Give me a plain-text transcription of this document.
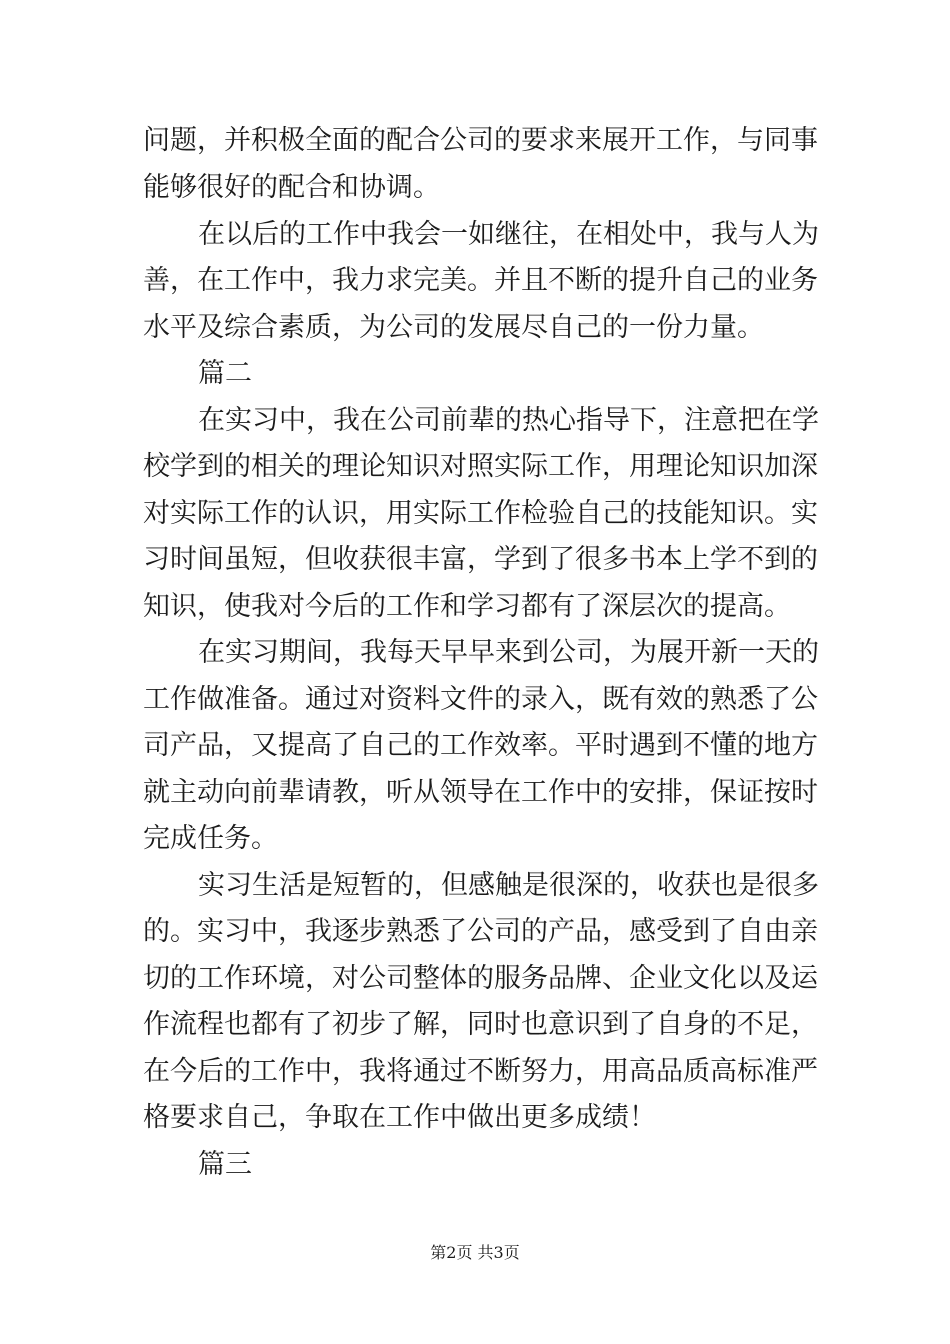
问题，并积极全面的配合公司的要求来展开工作，与同事
能够很好的配合和协调。
在以后的工作中我会一如继往，在相处中，我与人为
善，在工作中，我力求完美。并且不断的提升自己的业务
水平及综合素质，为公司的发展尽自己的一份力量。
篇二
在实习中，我在公司前辈的热心指导下，注意把在学
校学到的相关的理论知识对照实际工作，用理论知识加深
对实际工作的认识，用实际工作检验自己的技能知识。实
习时间虽短，但收获很丰富，学到了很多书本上学不到的
知识，使我对今后的工作和学习都有了深层次的提高。
在实习期间，我每天早早来到公司，为展开新一天的
工作做准备。通过对资料文件的录入，既有效的熟悉了公
司产品，又提高了自己的工作效率。平时遇到不懂的地方
就主动向前辈请教，听从领导在工作中的安排，保证按时
完成任务。
实习生活是短暂的，但感触是很深的，收获也是很多
的。实习中，我逐步熟悉了公司的产品，感受到了自由亲
切的工作环境，对公司整体的服务品牌、企业文化以及运
作流程也都有了初步了解，同时也意识到了自身的不足，
在今后的工作中，我将通过不断努力，用高品质高标准严
格要求自己，争取在工作中做出更多成绩！
篇三
第2页 共3页
